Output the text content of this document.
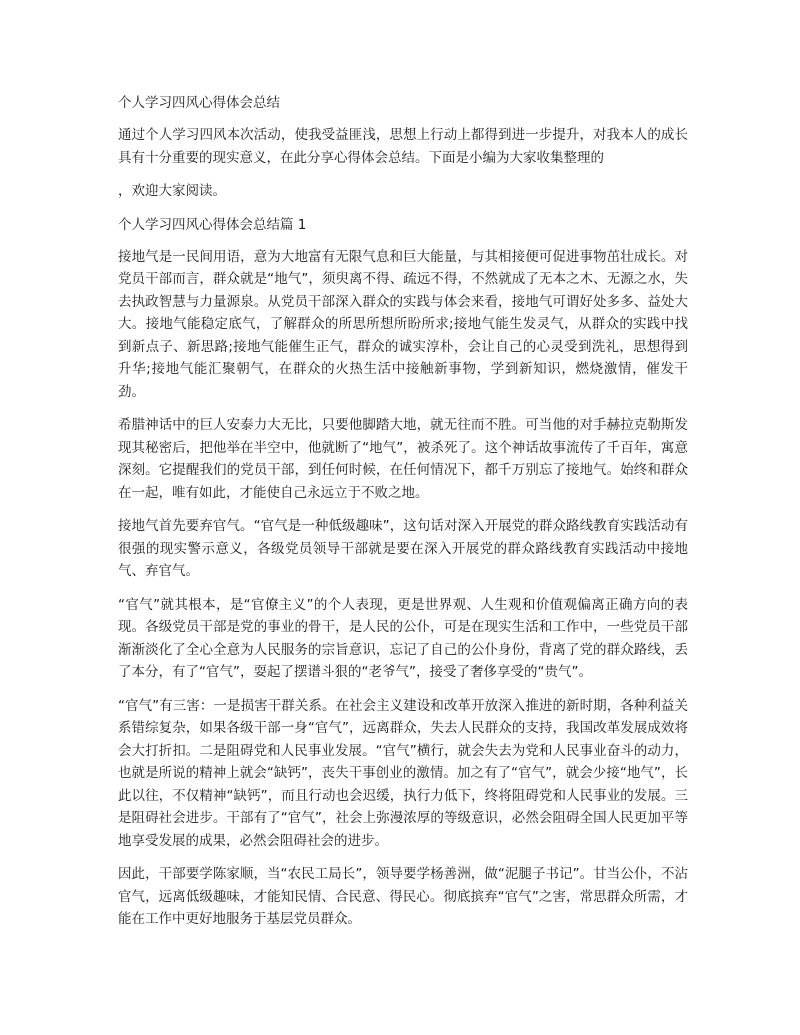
个人学习四风心得体会总结

通过个人学习四风本次活动，使我受益匪浅，思想上行动上都得到进一步提升，对我本人的成长具有十分重要的现实意义，在此分享心得体会总结。下面是小编为大家收集整理的

，欢迎大家阅读。

个人学习四风心得体会总结篇 1

接地气是一民间用语，意为大地富有无限气息和巨大能量，与其相接便可促进事物茁壮成长。对党员干部而言，群众就是“地气”，须臾离不得、疏远不得，不然就成了无本之木、无源之水，失去执政智慧与力量源泉。从党员干部深入群众的实践与体会来看，接地气可谓好处多多、益处大大。接地气能稳定底气，了解群众的所思所想所盼所求;接地气能生发灵气，从群众的实践中找到新点子、新思路;接地气能催生正气，群众的诚实淳朴，会让自己的心灵受到洗礼，思想得到升华;接地气能汇聚朝气，在群众的火热生活中接触新事物，学到新知识，燃烧激情，催发干劲。

希腊神话中的巨人安泰力大无比，只要他脚踏大地，就无往而不胜。可当他的对手赫拉克勒斯发现其秘密后，把他举在半空中，他就断了“地气”，被杀死了。这个神话故事流传了千百年，寓意深刻。它提醒我们的党员干部，到任何时候，在任何情况下，都千万别忘了接地气。始终和群众在一起，唯有如此，才能使自己永远立于不败之地。

接地气首先要弃官气。“官气是一种低级趣味”，这句话对深入开展党的群众路线教育实践活动有很强的现实警示意义，各级党员领导干部就是要在深入开展党的群众路线教育实践活动中接地气、弃官气。

“官气”就其根本，是“官僚主义”的个人表现，更是世界观、人生观和价值观偏离正确方向的表现。各级党员干部是党的事业的骨干，是人民的公仆，可是在现实生活和工作中，一些党员干部渐渐淡化了全心全意为人民服务的宗旨意识，忘记了自己的公仆身份，背离了党的群众路线，丢了本分，有了“官气”，耍起了摆谱斗狠的“老爷气”，接受了奢侈享受的“贵气”。

“官气”有三害：一是损害干群关系。在社会主义建设和改革开放深入推进的新时期，各种利益关系错综复杂，如果各级干部一身“官气”，远离群众，失去人民群众的支持，我国改革发展成效将会大打折扣。二是阻碍党和人民事业发展。“官气”横行，就会失去为党和人民事业奋斗的动力，也就是所说的精神上就会“缺钙”，丧失干事创业的激情。加之有了“官气”，就会少接“地气”，长此以往，不仅精神“缺钙”，而且行动也会迟缓，执行力低下，终将阻碍党和人民事业的发展。三是阻碍社会进步。干部有了“官气”，社会上弥漫浓厚的等级意识，必然会阻碍全国人民更加平等地享受发展的成果，必然会阻碍社会的进步。

因此，干部要学陈家顺，当“农民工局长”，领导要学杨善洲，做“泥腿子书记”。甘当公仆，不沾官气，远离低级趣味，才能知民情、合民意、得民心。彻底摈弃“官气”之害，常思群众所需，才能在工作中更好地服务于基层党员群众。
